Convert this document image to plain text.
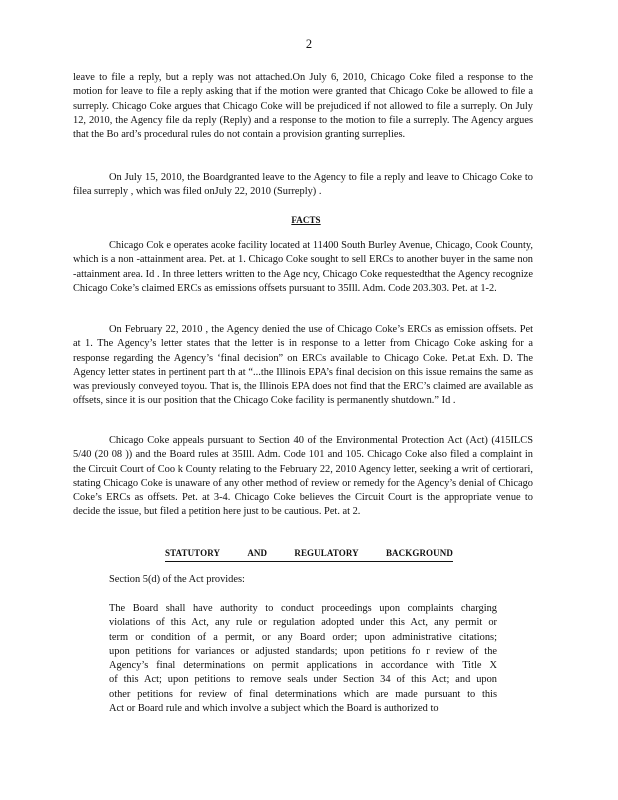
2

leave to file a reply, but a reply was not attached.On July 6, 2010, Chicago Coke filed a response to the motion for leave to file a reply asking that if the motion were granted that Chicago Coke be allowed to file a surreply. Chicago Coke argues that Chicago Coke will be prejudiced if not allowed to file a surreply. On July 12, 2010, the Agency file da reply (Reply) and a response to the motion to file a surreply. The Agency argues that the Bo ard’s procedural rules do not contain a provision granting surreplies.

On July 15, 2010, the Boardgranted leave to the Agency to file a reply and leave to Chicago Coke to filea surreply , which was filed onJuly 22, 2010 (Surreply) .

FACTS

Chicago Cok e operates acoke facility located at 11400 South Burley Avenue, Chicago, Cook County, which is a non -attainment area. Pet. at 1. Chicago Coke sought to sell ERCs to another buyer in the same non -attainment area. Id . In three letters written to the Age ncy, Chicago Coke requestedthat the Agency recognize Chicago Coke’s claimed ERCs as emissions offsets pursuant to 35Ill. Adm. Code 203.303. Pet. at 1-2.

On February 22, 2010 , the Agency denied the use of Chicago Coke’s ERCs as emission offsets. Pet at 1. The Agency’s letter states that the letter is in response to a letter from Chicago Coke asking for a response regarding the Agency’s ‘final decision” on ERCs available to Chicago Coke. Pet.at Exh. D. The Agency letter states in pertinent part th at “...the Illinois EPA’s final decision on this issue remains the same as was previously conveyed toyou. That is, the Illinois EPA does not find that the ERC’s claimed are available as offsets, since it is our position that the Chicago Coke facility is permanently shutdown.” Id .

Chicago Coke appeals pursuant to Section 40 of the Environmental Protection Act (Act) (415ILCS 5/40 (20 08 )) and the Board rules at 35Ill. Adm. Code 101 and 105. Chicago Coke also filed a complaint in the Circuit Court of Coo k County relating to the February 22, 2010 Agency letter, seeking a writ of certiorari, stating Chicago Coke is unaware of any other method of review or remedy for the Agency’s denial of Chicago Coke’s ERCs as offsets. Pet. at 3-4. Chicago Coke believes the Circuit Court is the appropriate venue to decide the issue, but filed a petition here just to be cautious. Pet. at 2.

STATUTORY	AND	REGULATORY	BACKGROUND

Section 5(d) of the Act provides:

The Board shall have authority to conduct proceedings upon complaints charging
violations of this Act, any rule or regulation adopted under this Act, any permit or
term or condition of a permit, or any Board order; upon administrative citations;
upon petitions for variances or adjusted standards; upon petitions fo r review of the
Agency’s final determinations on permit applications in accordance with Title X
of this Act; upon petitions to remove seals under Section 34 of this Act; and upon
other petitions for review of final determinations which are made pursuant to this
Act or Board rule and which involve a subject which the Board is authorized to
